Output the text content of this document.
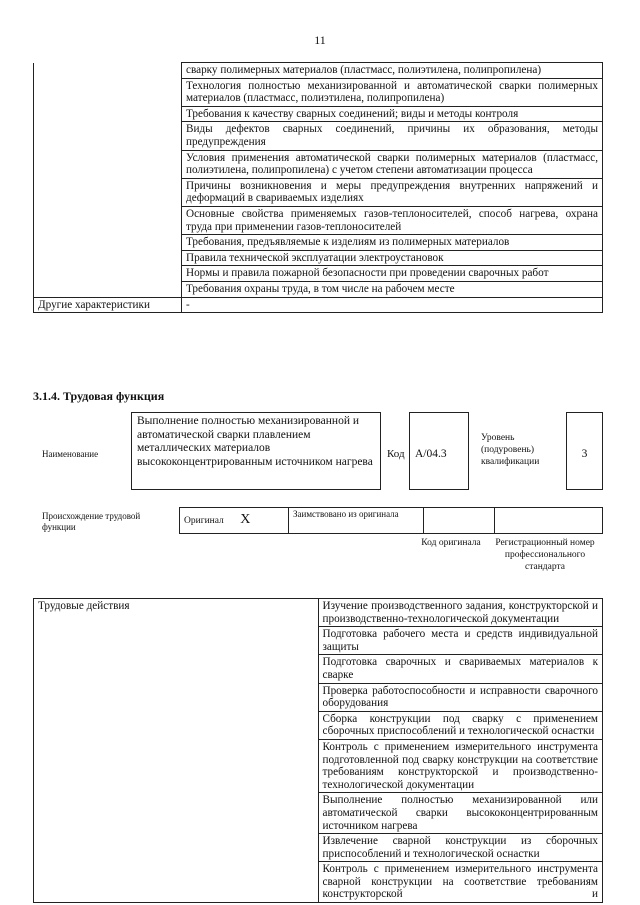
11
	сварку полимерных материалов (пластмасс, полиэтилена, полипропилена)
	Технология полностью механизированной и автоматической сварки полимерных материалов (пластмасс, полиэтилена, полипропилена)
	Требования к качеству сварных соединений; виды и методы контроля
	Виды дефектов сварных соединений, причины их образования, методы предупреждения
	Условия применения автоматической сварки полимерных материалов (пластмасс, полиэтилена, полипропилена) с учетом степени автоматизации процесса
	Причины возникновения и меры предупреждения внутренних напряжений и деформаций в свариваемых изделиях
	Основные свойства применяемых газов-теплоносителей, способ нагрева, охрана труда при применении газов-теплоносителей
	Требования, предъявляемые к изделиям из полимерных материалов
	Правила технической эксплуатации электроустановок
	Нормы и правила пожарной безопасности при проведении сварочных работ
	Требования охраны труда, в том числе на рабочем месте
Другие характеристики	-
3.1.4. Трудовая функция
Наименование
Выполнение полностью механизированной и автоматической сварки плавлением металлических материалов высококонцентрированным источником нагрева
Код А/04.3
Уровень (подуровень) квалификации
3
Происхождение трудовой функции
Оригинал X	Заимствовано из оригинала		
Код оригинала	Регистрационный номер профессионального стандарта
Трудовые действия	Изучение производственного задания, конструкторской и производственно-технологической документации
Подготовка рабочего места и средств индивидуальной защиты
Подготовка сварочных и свариваемых материалов к сварке
Проверка работоспособности и исправности сварочного оборудования
Сборка конструкции под сварку с применением сборочных приспособлений и технологической оснастки
Контроль с применением измерительного инструмента подготовленной под сварку конструкции на соответствие требованиям конструкторской и производственно-технологической документации
Выполнение полностью механизированной или автоматической сварки высококонцентрированным источником нагрева
Извлечение сварной конструкции из сборочных приспособлений и технологической оснастки
Контроль с применением измерительного инструмента сварной конструкции на соответствие требованиям конструкторской и
